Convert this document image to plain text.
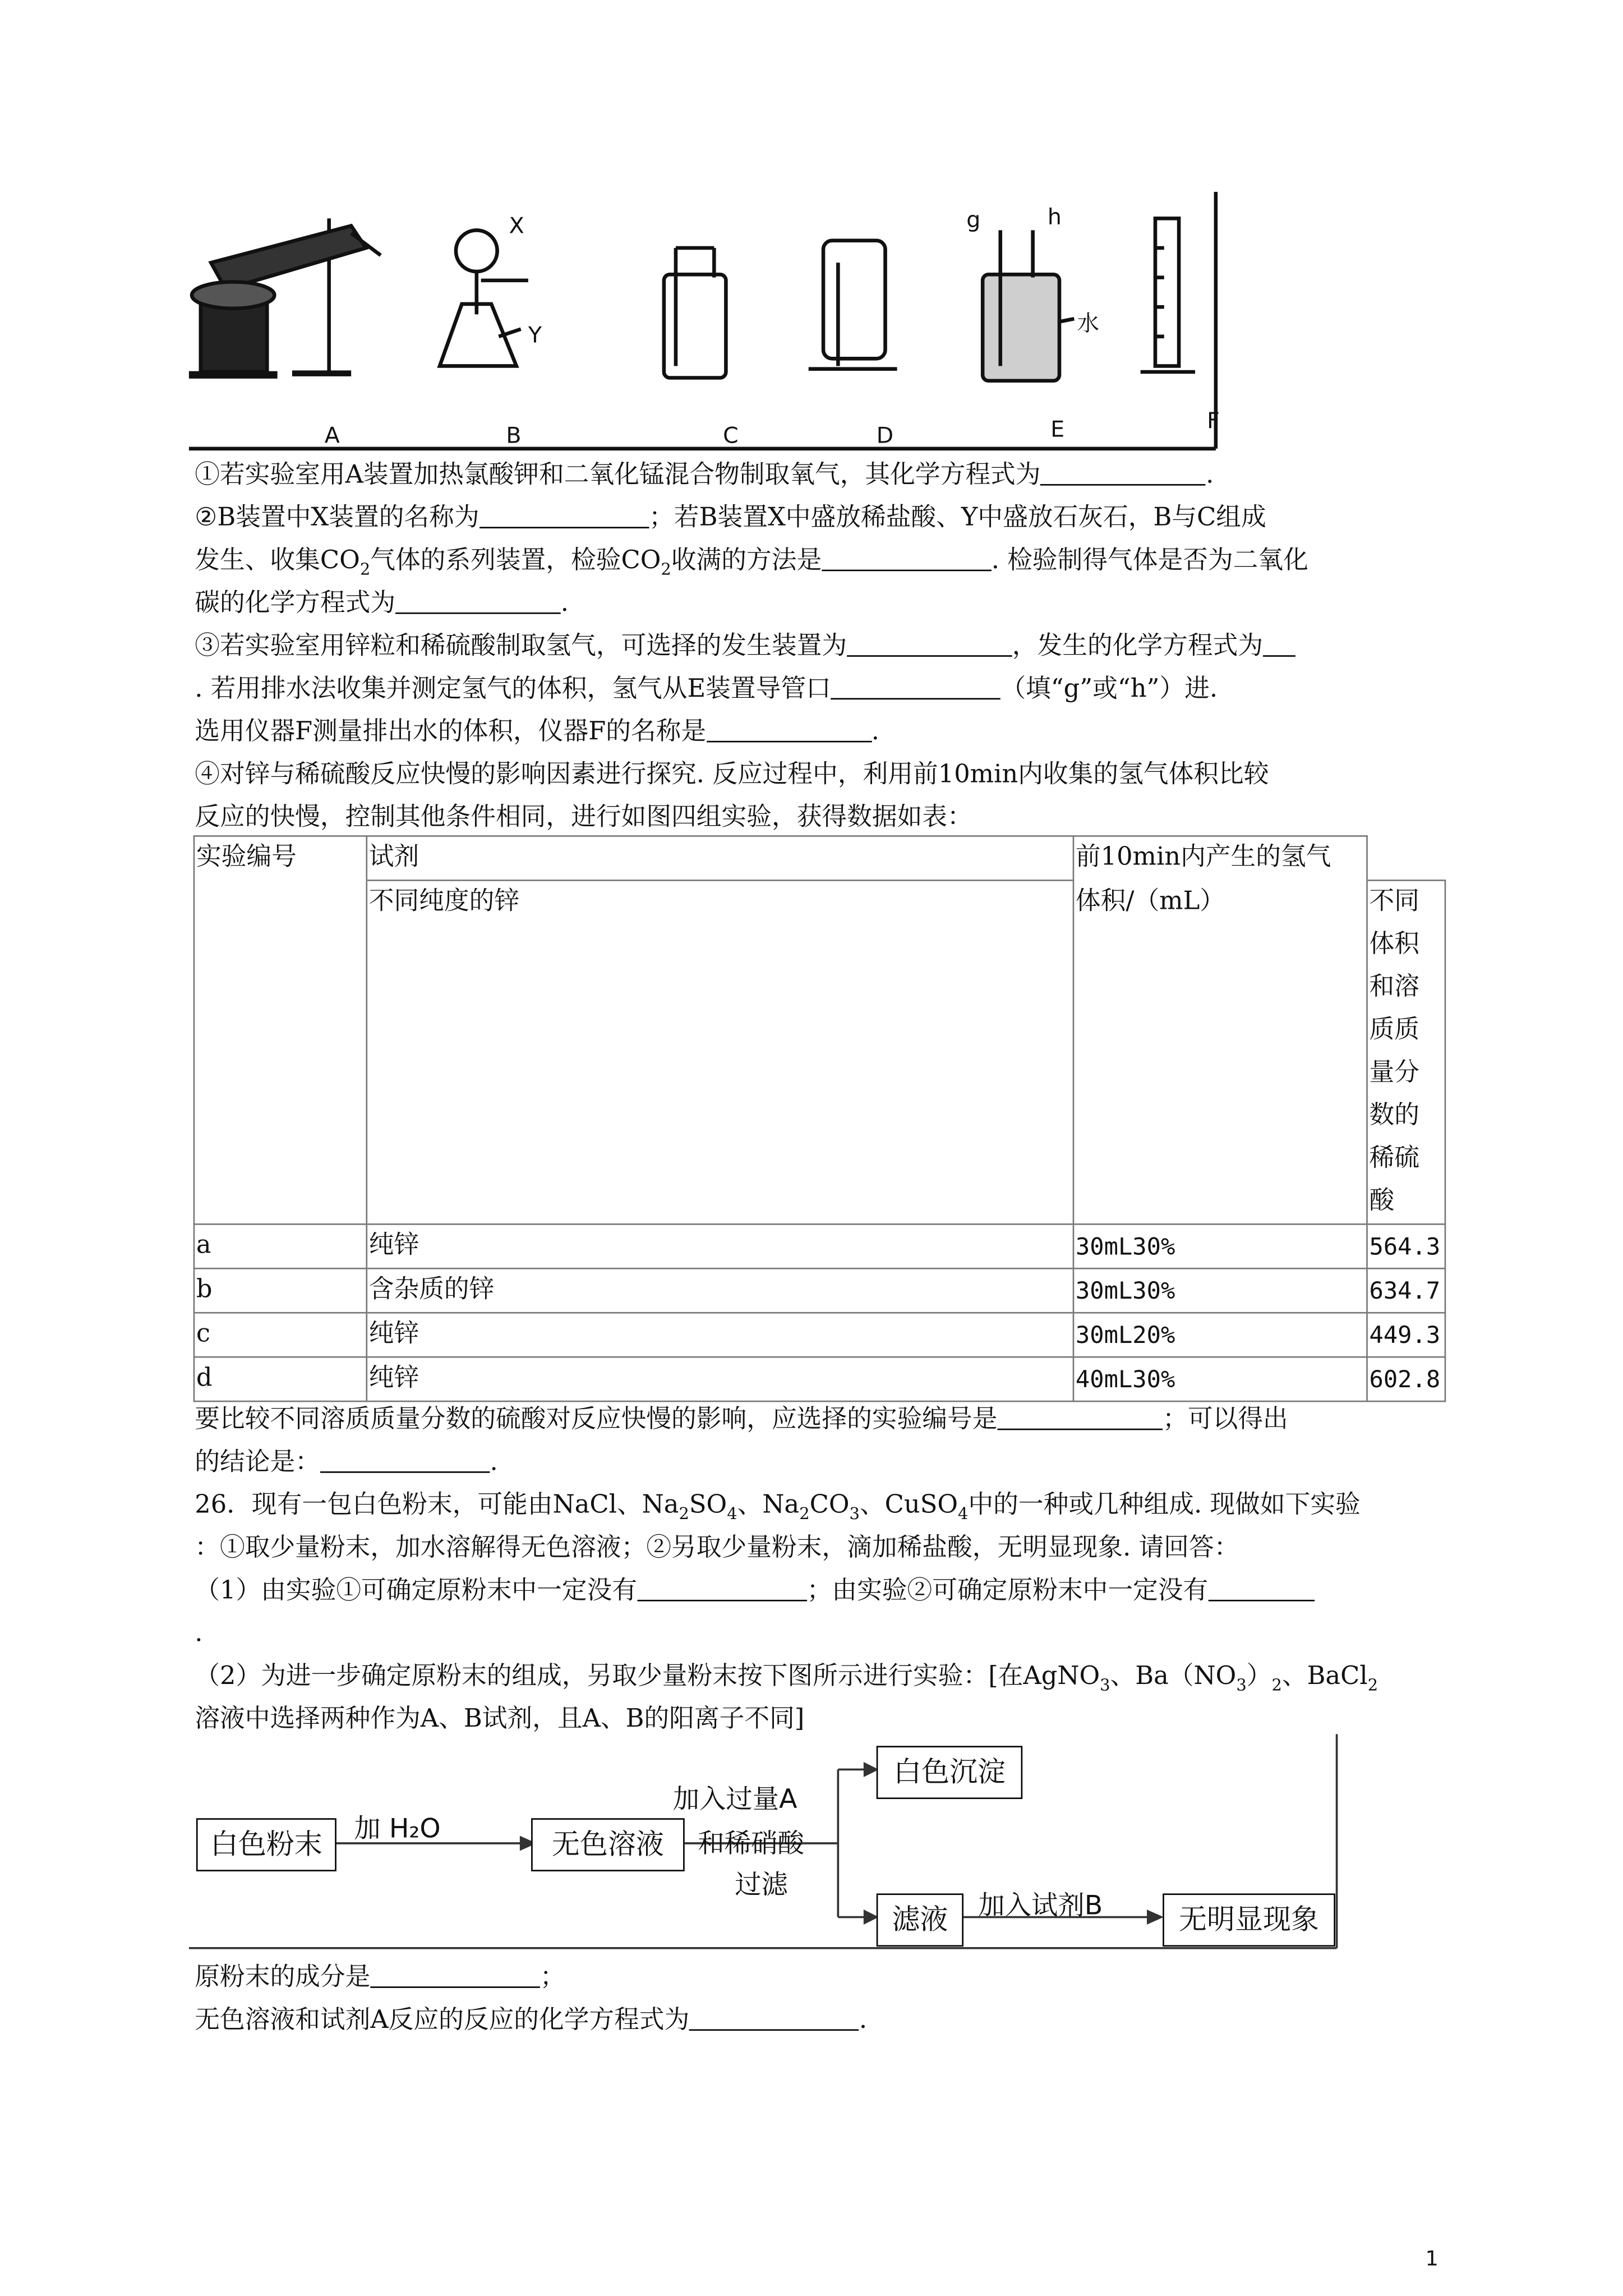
X
Y
g	h
水
A	B	C	D	E	F
①若实验室用A装置加热氯酸钾和二氧化锰混合物制取氧气，其化学方程式为	.
②B装置中X装置的名称为	；若B装置X中盛放稀盐酸、Y中盛放石灰石，B与C组成
发生、收集$CO_2$气体的系列装置，检验$CO_2$收满的方法是	. 检验制得气体是否为二氧化
碳的化学方程式为	.
③若实验室用锌粒和稀硫酸制取氢气，可选择的发生装置为	，发生的化学方程式为
. 若用排水法收集并测定氢气的体积，氢气从E装置导管口	（填“g”或“h”）进.
选用仪器F测量排出水的体积，仪器F的名称是	.
④对锌与稀硫酸反应快慢的影响因素进行探究. 反应过程中，利用前10min内收集的氢气体积比较
反应的快慢，控制其他条件相同，进行如图四组实验，获得数据如表：
实验编号	试剂	前10min内产生的氢气	
	不同纯度的锌	体积/（mL）	不同体积和溶质质量分数的稀硫酸
a	纯锌	30mL30%	564.3
b	含杂质的锌	30mL30%	634.7
c	纯锌	30mL20%	449.3
d	纯锌	40mL30%	602.8
要比较不同溶质质量分数的硫酸对反应快慢的影响，应选择的实验编号是	；可以得出
的结论是：	.
26．现有一包白色粉末，可能由NaCl、$Na_2SO_4$、$Na_2CO_3$、CuSO$_4$中的一种或几种组成. 现做如下实验
：①取少量粉末，加水溶解得无色溶液；②另取少量粉末，滴加稀盐酸，无明显现象. 请回答：
（1）由实验①可确定原粉末中一定没有	；由实验②可确定原粉末中一定没有
.
（2）为进一步确定原粉末的组成，另取少量粉末按下图所示进行实验：[在AgNO$_3$、$Ba(NO_3)_2$、BaCl$_2$
溶液中选择两种作为A、B试剂，且A、B的阳离子不同]
白色粉末	加 H₂O	无色溶液
加入过量A
和稀硝酸
过滤
白色沉淀
滤液	加入试剂B	无明显现象
原粉末的成分是	；
无色溶液和试剂A反应的反应的化学方程式为	.
1
